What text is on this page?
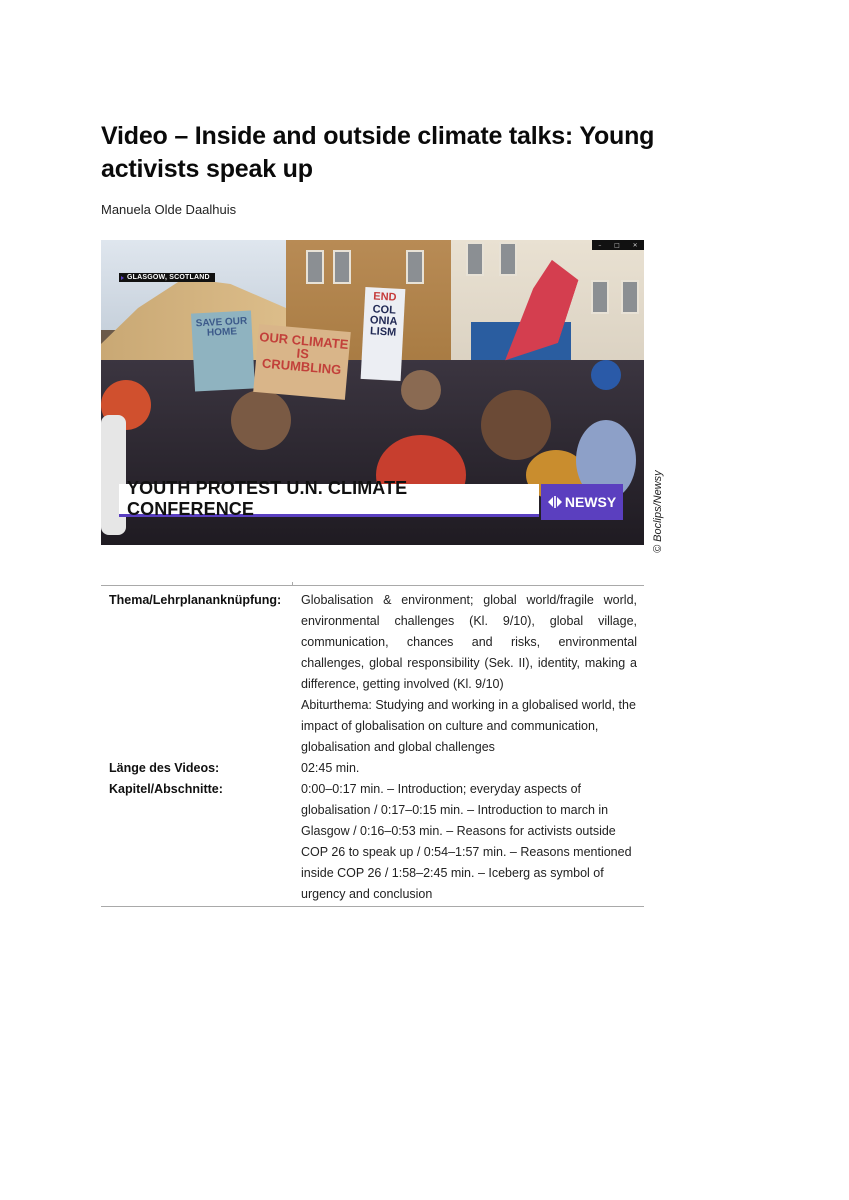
Video – Inside and outside climate talks: Young activists speak up
Manuela Olde Daalhuis
SAVE OUR HOME	OUR CLIMATE IS CRUMBLING
END
COL ONIA LISM
– □ ✕
GLASGOW, SCOTLAND
YOUTH PROTEST U.N. CLIMATE CONFERENCE	NEWSY	© Boclips/Newsy
Thema/Lehrplananknüpfung:	Globalisation & environment; global world/fragile world, environmental challenges (Kl. 9/10), global village, communication, chances and risks, environmental challenges, global responsibility (Sek. II), identity, making a difference, getting involved (Kl. 9/10)
Abiturthema: Studying and working in a globalised world, the impact of globalisation on culture and communication, globalisation and global challenges
Länge des Videos:	02:45 min.
Kapitel/Abschnitte:	0:00–0:17 min. – Introduction; everyday aspects of globalisation / 0:17–0:15 min. – Introduction to march in Glasgow / 0:16–0:53 min. – Reasons for activists outside COP 26 to speak up / 0:54–1:57 min. – Reasons mentioned inside COP 26 / 1:58–2:45 min. – Iceberg as symbol of urgency and conclusion
